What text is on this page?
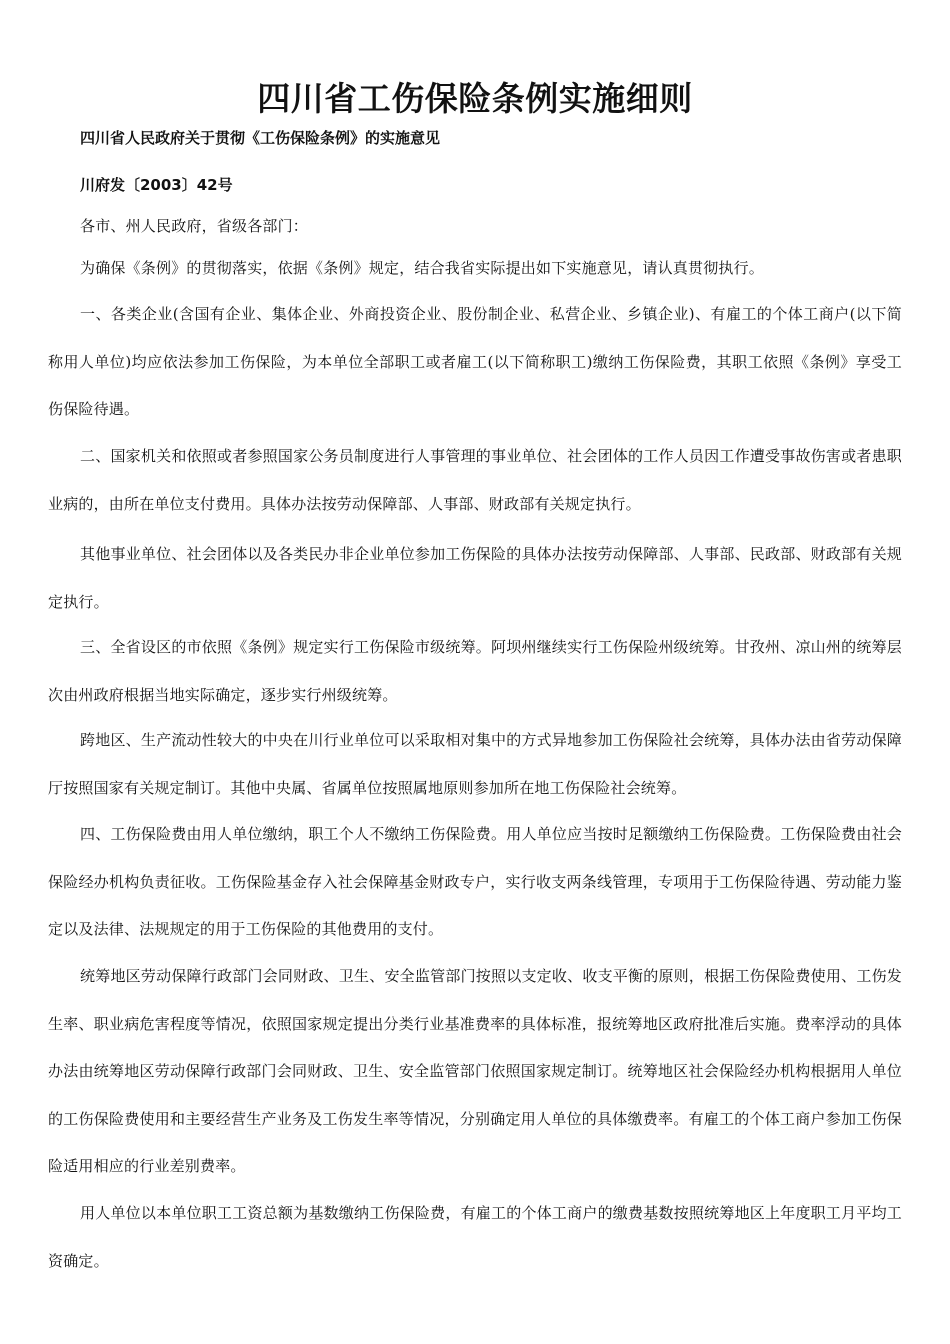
四川省工伤保险条例实施细则

四川省人民政府关于贯彻《工伤保险条例》的实施意见

川府发〔2003〕42号

各市、州人民政府，省级各部门：

为确保《条例》的贯彻落实，依据《条例》规定，结合我省实际提出如下实施意见，请认真贯彻执行。

一、各类企业(含国有企业、集体企业、外商投资企业、股份制企业、私营企业、乡镇企业)、有雇工的个体工商户(以下简称用人单位)均应依法参加工伤保险，为本单位全部职工或者雇工(以下简称职工)缴纳工伤保险费，其职工依照《条例》享受工伤保险待遇。

二、国家机关和依照或者参照国家公务员制度进行人事管理的事业单位、社会团体的工作人员因工作遭受事故伤害或者患职业病的，由所在单位支付费用。具体办法按劳动保障部、人事部、财政部有关规定执行。

其他事业单位、社会团体以及各类民办非企业单位参加工伤保险的具体办法按劳动保障部、人事部、民政部、财政部有关规定执行。

三、全省设区的市依照《条例》规定实行工伤保险市级统筹。阿坝州继续实行工伤保险州级统筹。甘孜州、凉山州的统筹层次由州政府根据当地实际确定，逐步实行州级统筹。

跨地区、生产流动性较大的中央在川行业单位可以采取相对集中的方式异地参加工伤保险社会统筹，具体办法由省劳动保障厅按照国家有关规定制订。其他中央属、省属单位按照属地原则参加所在地工伤保险社会统筹。

四、工伤保险费由用人单位缴纳，职工个人不缴纳工伤保险费。用人单位应当按时足额缴纳工伤保险费。工伤保险费由社会保险经办机构负责征收。工伤保险基金存入社会保障基金财政专户，实行收支两条线管理，专项用于工伤保险待遇、劳动能力鉴定以及法律、法规规定的用于工伤保险的其他费用的支付。

统筹地区劳动保障行政部门会同财政、卫生、安全监管部门按照以支定收、收支平衡的原则，根据工伤保险费使用、工伤发生率、职业病危害程度等情况，依照国家规定提出分类行业基准费率的具体标准，报统筹地区政府批准后实施。费率浮动的具体办法由统筹地区劳动保障行政部门会同财政、卫生、安全监管部门依照国家规定制订。统筹地区社会保险经办机构根据用人单位的工伤保险费使用和主要经营生产业务及工伤发生率等情况，分别确定用人单位的具体缴费率。有雇工的个体工商户参加工伤保险适用相应的行业差别费率。

用人单位以本单位职工工资总额为基数缴纳工伤保险费，有雇工的个体工商户的缴费基数按照统筹地区上年度职工月平均工资确定。
